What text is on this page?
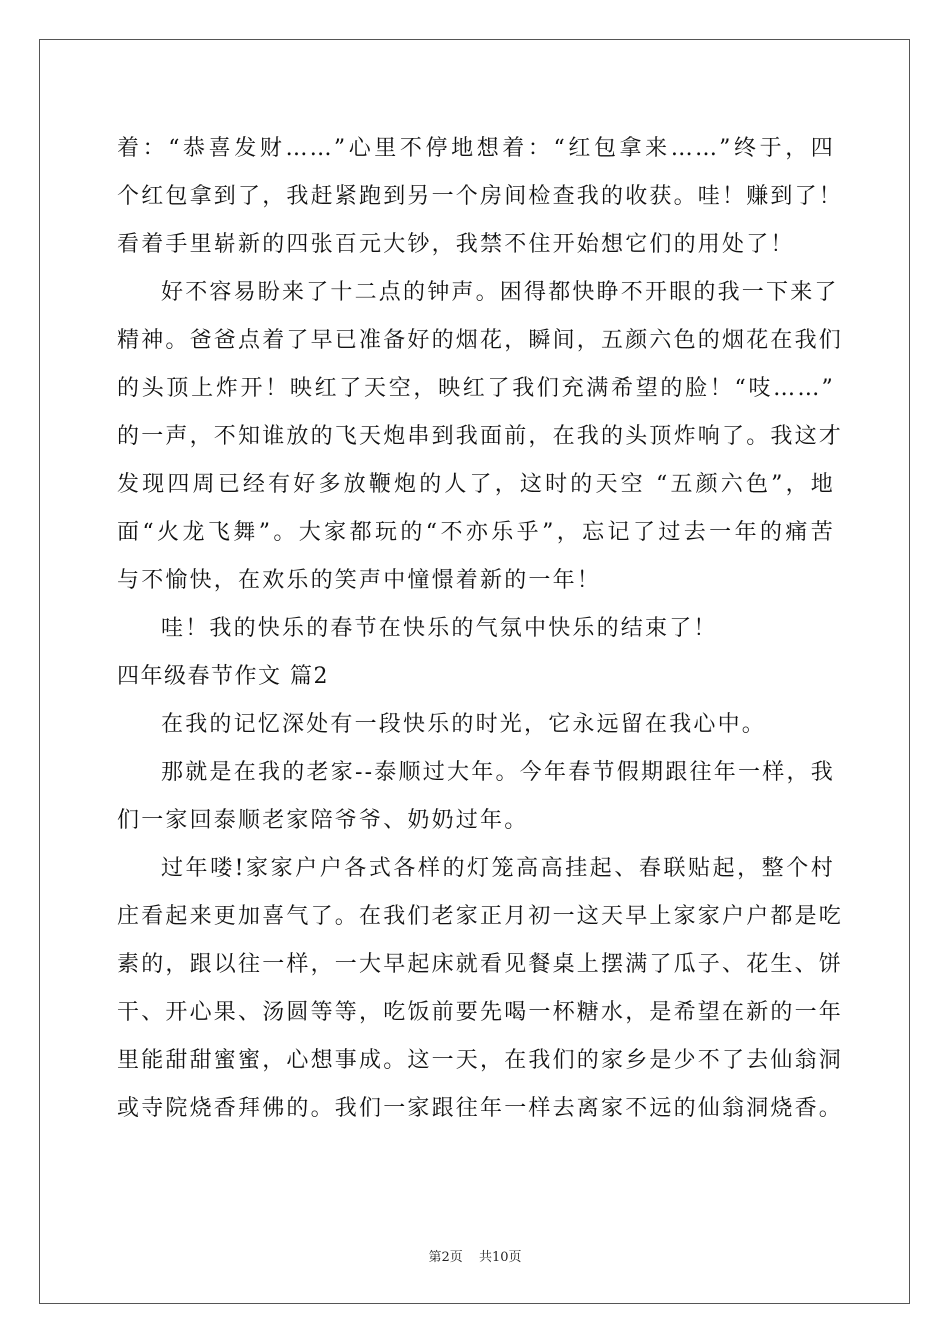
着：“恭喜发财……”心里不停地想着：“红包拿来……”终于，四
个红包拿到了，我赶紧跑到另一个房间检查我的收获。哇！赚到了！
看着手里崭新的四张百元大钞，我禁不住开始想它们的用处了！
好不容易盼来了十二点的钟声。困得都快睁不开眼的我一下来了
精神。爸爸点着了早已准备好的烟花，瞬间，五颜六色的烟花在我们
的头顶上炸开！映红了天空，映红了我们充满希望的脸！“吱……”
的一声，不知谁放的飞天炮串到我面前，在我的头顶炸响了。我这才
发现四周已经有好多放鞭炮的人了，这时的天空 “五颜六色”，地
面“火龙飞舞”。大家都玩的“不亦乐乎”，忘记了过去一年的痛苦
与不愉快，在欢乐的笑声中憧憬着新的一年！
哇！我的快乐的春节在快乐的气氛中快乐的结束了！
四年级春节作文 篇2
在我的记忆深处有一段快乐的时光，它永远留在我心中。
那就是在我的老家--泰顺过大年。今年春节假期跟往年一样，我
们一家回泰顺老家陪爷爷、奶奶过年。
过年喽!家家户户各式各样的灯笼高高挂起、春联贴起，整个村
庄看起来更加喜气了。在我们老家正月初一这天早上家家户户都是吃
素的，跟以往一样，一大早起床就看见餐桌上摆满了瓜子、花生、饼
干、开心果、汤圆等等，吃饭前要先喝一杯糖水，是希望在新的一年
里能甜甜蜜蜜，心想事成。这一天，在我们的家乡是少不了去仙翁洞
或寺院烧香拜佛的。我们一家跟往年一样去离家不远的仙翁洞烧香。
第2页 共10页
